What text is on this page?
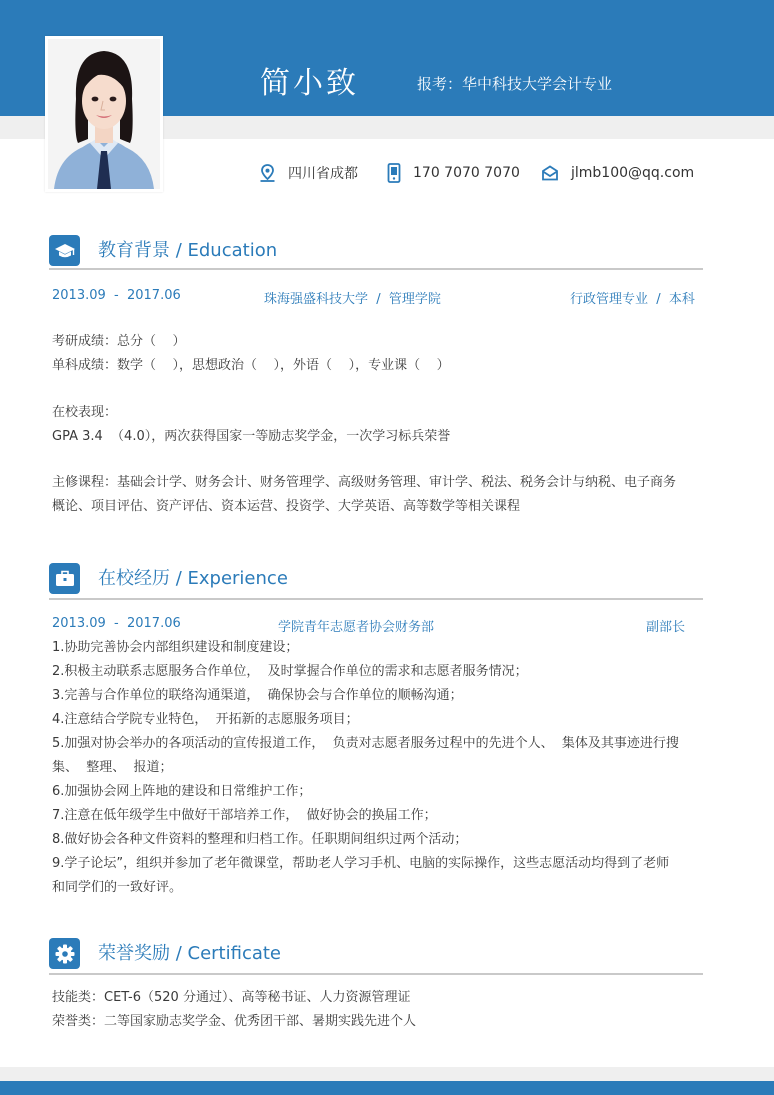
简小致	报考：华中科技大学会计专业
四川省成都	170 7070 7070	jlmb100@qq.com
教育背景 / Education
2013.09  -  2017.06	珠海强盛科技大学  /  管理学院	行政管理专业  /  本科
考研成绩：总分（    ）
单科成绩：数学（    ），思想政治（    ），外语（    ），专业课（    ）
在校表现：
GPA 3.4  （4.0），两次获得国家一等励志奖学金，一次学习标兵荣誉
主修课程：基础会计学、财务会计、财务管理学、高级财务管理、审计学、税法、税务会计与纳税、电子商务
概论、项目评估、资产评估、资本运营、投资学、大学英语、高等数学等相关课程
在校经历 / Experience
2013.09  -  2017.06	学院青年志愿者协会财务部	副部长
1.协助完善协会内部组织建设和制度建设；
2.积极主动联系志愿服务合作单位，  及时掌握合作单位的需求和志愿者服务情况；
3.完善与合作单位的联络沟通渠道，  确保协会与合作单位的顺畅沟通；
4.注意结合学院专业特色，  开拓新的志愿服务项目；
5.加强对协会举办的各项活动的宣传报道工作，  负责对志愿者服务过程中的先进个人、  集体及其事迹进行搜
集、  整理、  报道；
6.加强协会网上阵地的建设和日常维护工作；
7.注意在低年级学生中做好干部培养工作，  做好协会的换届工作；
8.做好协会各种文件资料的整理和归档工作。任职期间组织过两个活动；
9.学子论坛”，组织并参加了老年微课堂，帮助老人学习手机、电脑的实际操作，这些志愿活动均得到了老师
和同学们的一致好评。
荣誉奖励 / Certificate
技能类：CET-6（520 分通过）、高等秘书证、人力资源管理证
荣誉类：二等国家励志奖学金、优秀团干部、暑期实践先进个人
